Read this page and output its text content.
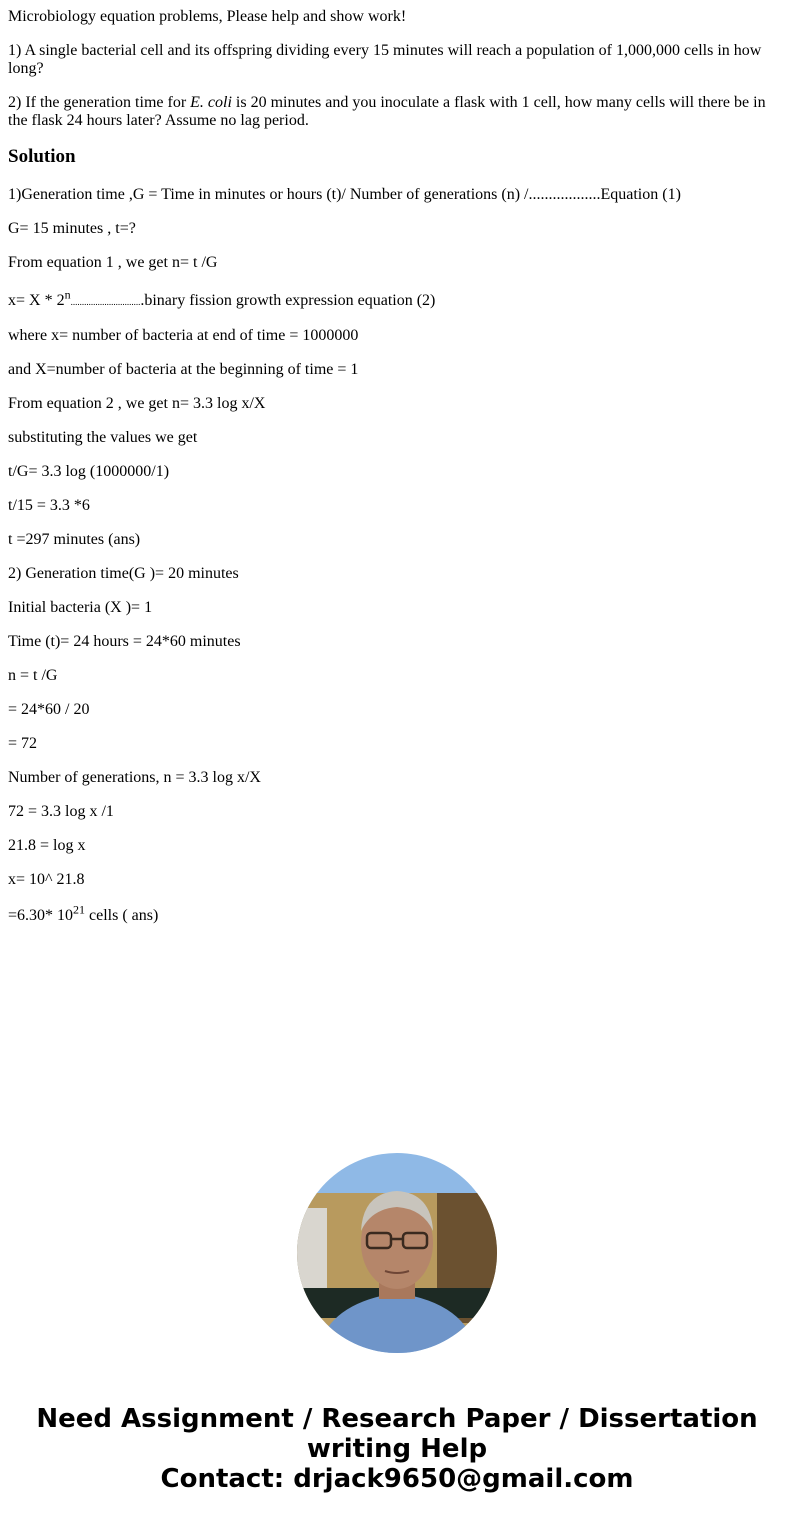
Microbiology equation problems, Please help and show work!

1) A single bacterial cell and its offspring dividing every 15 minutes will reach a population of 1,000,000 cells in how long?

2) If the generation time for E. coli is 20 minutes and you inoculate a flask with 1 cell, how many cells will there be in the flask 24 hours later? Assume no lag period.

Solution

1)Generation time ,G = Time in minutes or hours (t)/ Number of generations (n) /..................Equation (1)

G= 15 minutes , t=?

From equation 1 , we get n= t /G

x= X * 2$^n$................................binary fission growth expression equation (2)

where x= number of bacteria at end of time = 1000000

and X=number of bacteria at the beginning of time = 1

From equation 2 , we get n= 3.3 log x/X

substituting the values we get

t/G= 3.3 log (1000000/1)

t/15 = 3.3 *6

t =297 minutes (ans)

2) Generation time(G )= 20 minutes

Initial bacteria (X )= 1

Time (t)= 24 hours = 24*60 minutes

n = t /G

= 24*60 / 20

= 72

Number of generations, n = 3.3 log x/X

72 = 3.3 log x /1

21.8 = log x

x= 10^ 21.8

=6.30* $10^{21}$ cells ( ans)

Need Assignment / Research Paper / Dissertation
writing Help
Contact: drjack9650@gmail.com
